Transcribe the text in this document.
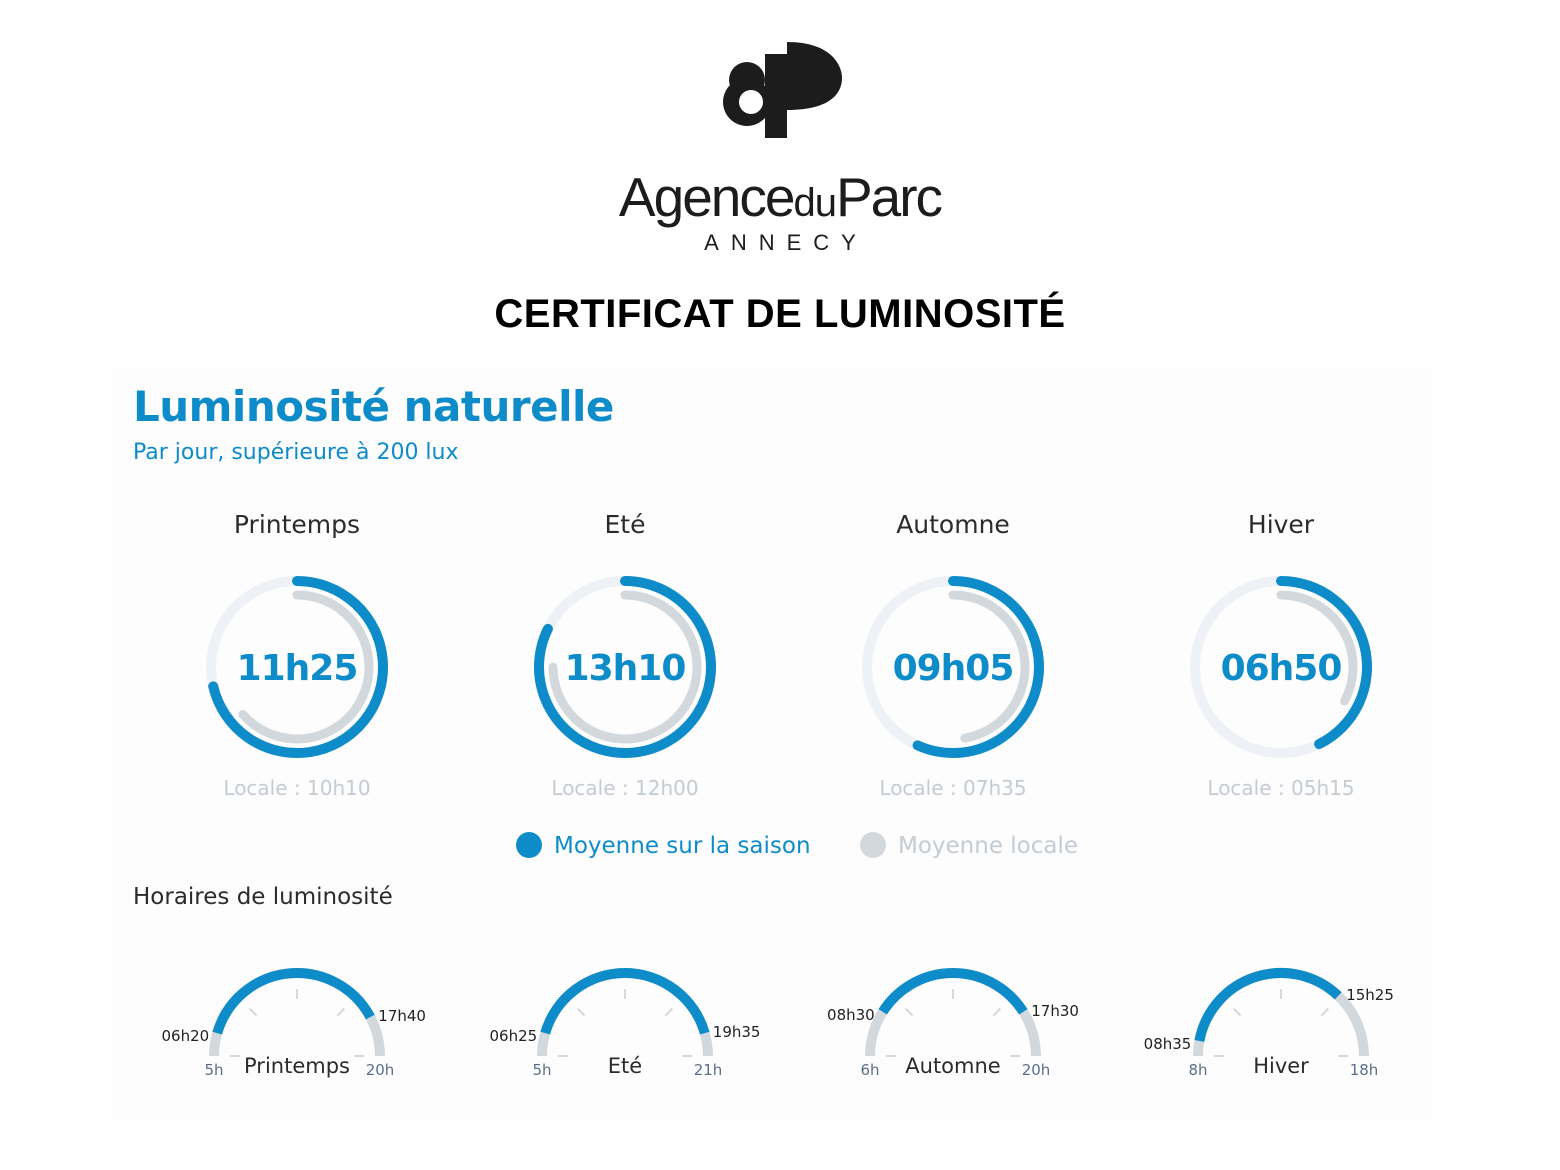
AgenceduParc
ANNECY
CERTIFICAT DE LUMINOSITÉ
Luminosité naturelle
Par jour, supérieure à 200 lux
Horaires de luminosité
Printemps
11h25
Locale : 10h10
Eté
13h10
Locale : 12h00
Automne
09h05
Locale : 07h35
Hiver
06h50
Locale : 05h15
Moyenne sur la saison	Moyenne locale
5h	20h
Printemps
06h20
17h40
5h	21h
Eté
06h25	19h35
6h	20h
Automne
08h30	17h30
8h	18h
Hiver
08h35
15h25
